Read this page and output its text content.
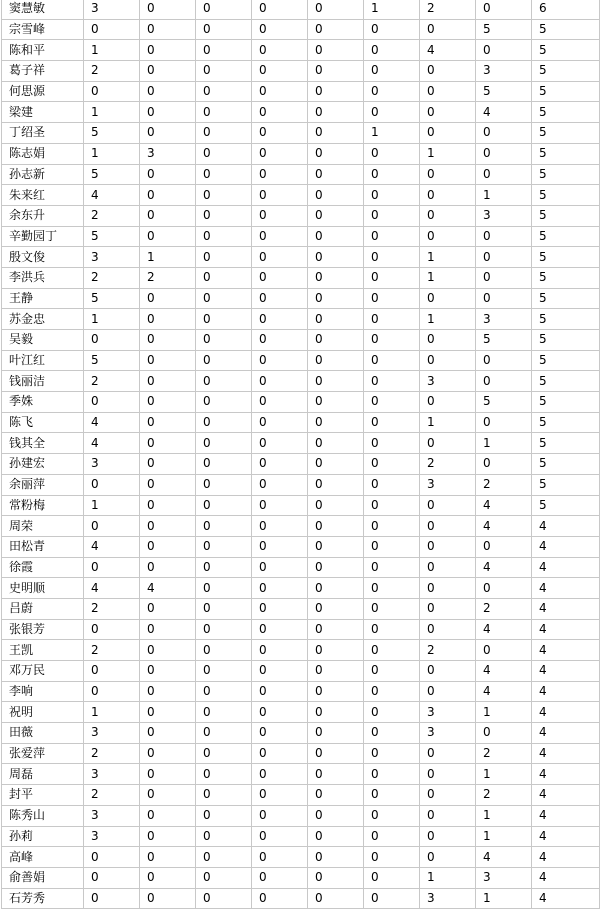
窦慧敏	3	0	0	0	0	1	2	0	6
宗雪峰	0	0	0	0	0	0	0	5	5
陈和平	1	0	0	0	0	0	4	0	5
葛子祥	2	0	0	0	0	0	0	3	5
何思源	0	0	0	0	0	0	0	5	5
梁建	1	0	0	0	0	0	0	4	5
丁绍圣	5	0	0	0	0	1	0	0	5
陈志娟	1	3	0	0	0	0	1	0	5
孙志新	5	0	0	0	0	0	0	0	5
朱来红	4	0	0	0	0	0	0	1	5
余东升	2	0	0	0	0	0	0	3	5
辛勤园丁	5	0	0	0	0	0	0	0	5
殷文俊	3	1	0	0	0	0	1	0	5
李洪兵	2	2	0	0	0	0	1	0	5
王静	5	0	0	0	0	0	0	0	5
苏金忠	1	0	0	0	0	0	1	3	5
吴毅	0	0	0	0	0	0	0	5	5
叶江红	5	0	0	0	0	0	0	0	5
钱丽洁	2	0	0	0	0	0	3	0	5
季姝	0	0	0	0	0	0	0	5	5
陈飞	4	0	0	0	0	0	1	0	5
钱其全	4	0	0	0	0	0	0	1	5
孙建宏	3	0	0	0	0	0	2	0	5
余丽萍	0	0	0	0	0	0	3	2	5
常粉梅	1	0	0	0	0	0	0	4	5
周荣	0	0	0	0	0	0	0	4	4
田松青	4	0	0	0	0	0	0	0	4
徐霞	0	0	0	0	0	0	0	4	4
史明顺	4	4	0	0	0	0	0	0	4
吕蔚	2	0	0	0	0	0	0	2	4
张银芳	0	0	0	0	0	0	0	4	4
王凯	2	0	0	0	0	0	2	0	4
邓万民	0	0	0	0	0	0	0	4	4
李响	0	0	0	0	0	0	0	4	4
祝明	1	0	0	0	0	0	3	1	4
田薇	3	0	0	0	0	0	3	0	4
张爱萍	2	0	0	0	0	0	0	2	4
周磊	3	0	0	0	0	0	0	1	4
封平	2	0	0	0	0	0	0	2	4
陈秀山	3	0	0	0	0	0	0	1	4
孙莉	3	0	0	0	0	0	0	1	4
高峰	0	0	0	0	0	0	0	4	4
俞善娟	0	0	0	0	0	0	1	3	4
石芳秀	0	0	0	0	0	0	3	1	4
